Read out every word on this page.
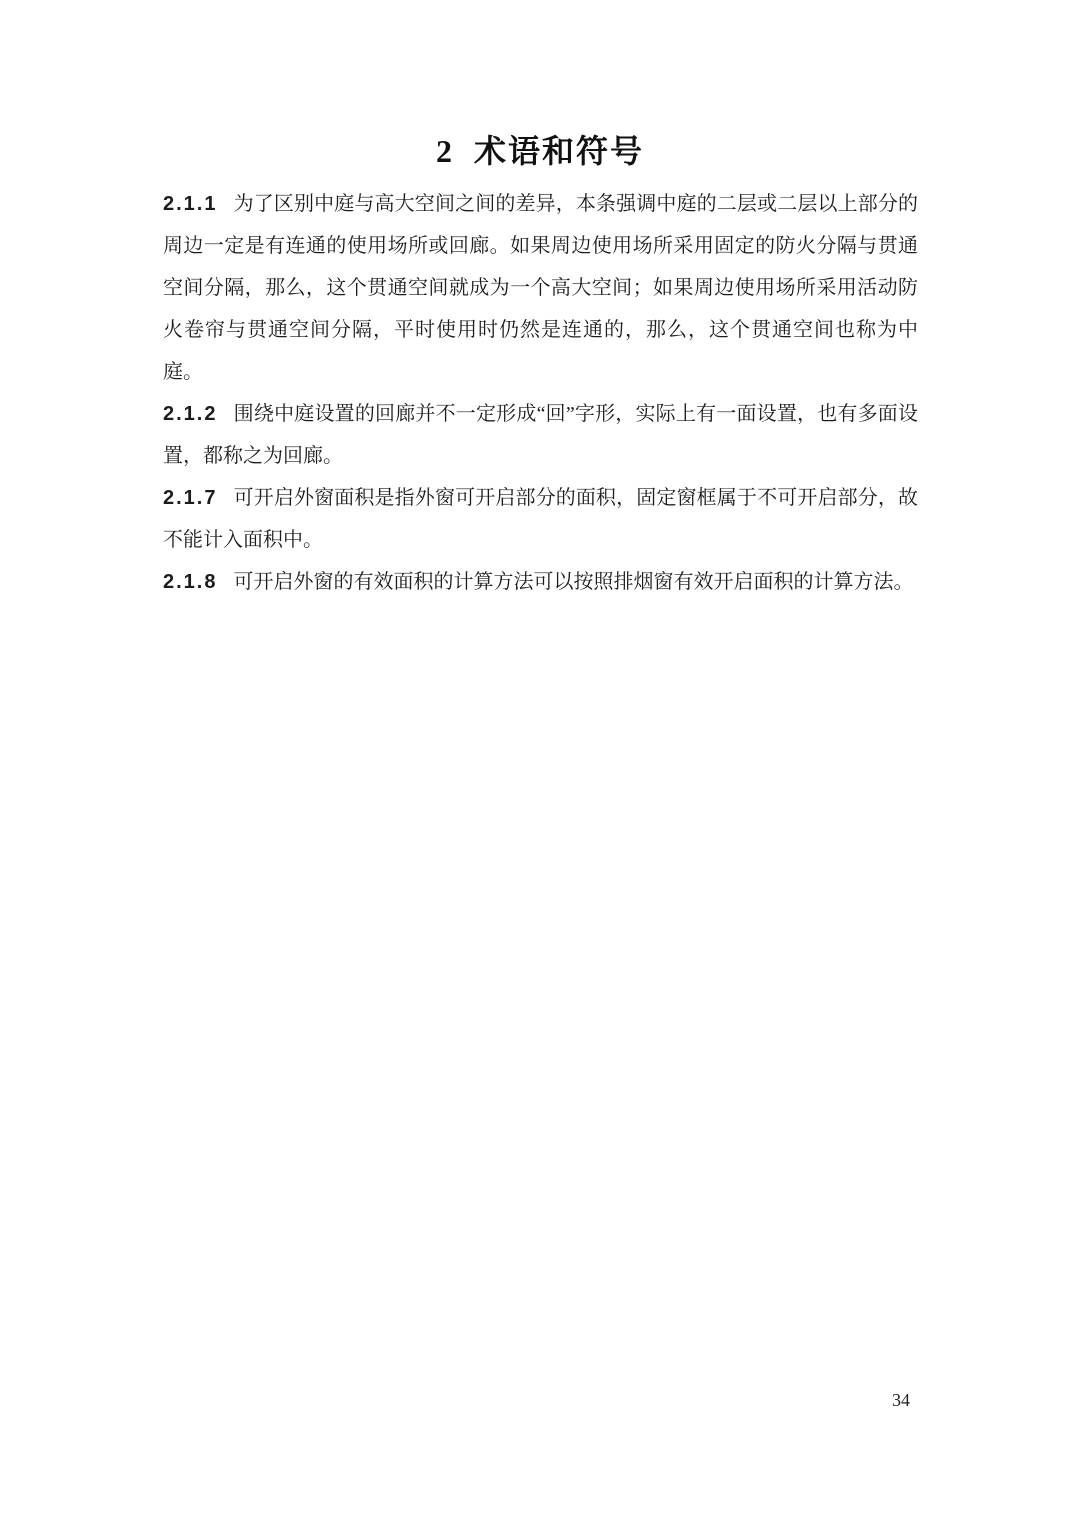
2 术语和符号

2.1.1 为了区别中庭与高大空间之间的差异，本条强调中庭的二层或二层以上部分的周边一定是有连通的使用场所或回廊。如果周边使用场所采用固定的防火分隔与贯通空间分隔，那么，这个贯通空间就成为一个高大空间；如果周边使用场所采用活动防火卷帘与贯通空间分隔，平时使用时仍然是连通的，那么，这个贯通空间也称为中庭。

2.1.2 围绕中庭设置的回廊并不一定形成“回”字形，实际上有一面设置，也有多面设置，都称之为回廊。

2.1.7 可开启外窗面积是指外窗可开启部分的面积，固定窗框属于不可开启部分，故不能计入面积中。

2.1.8 可开启外窗的有效面积的计算方法可以按照排烟窗有效开启面积的计算方法。

34
